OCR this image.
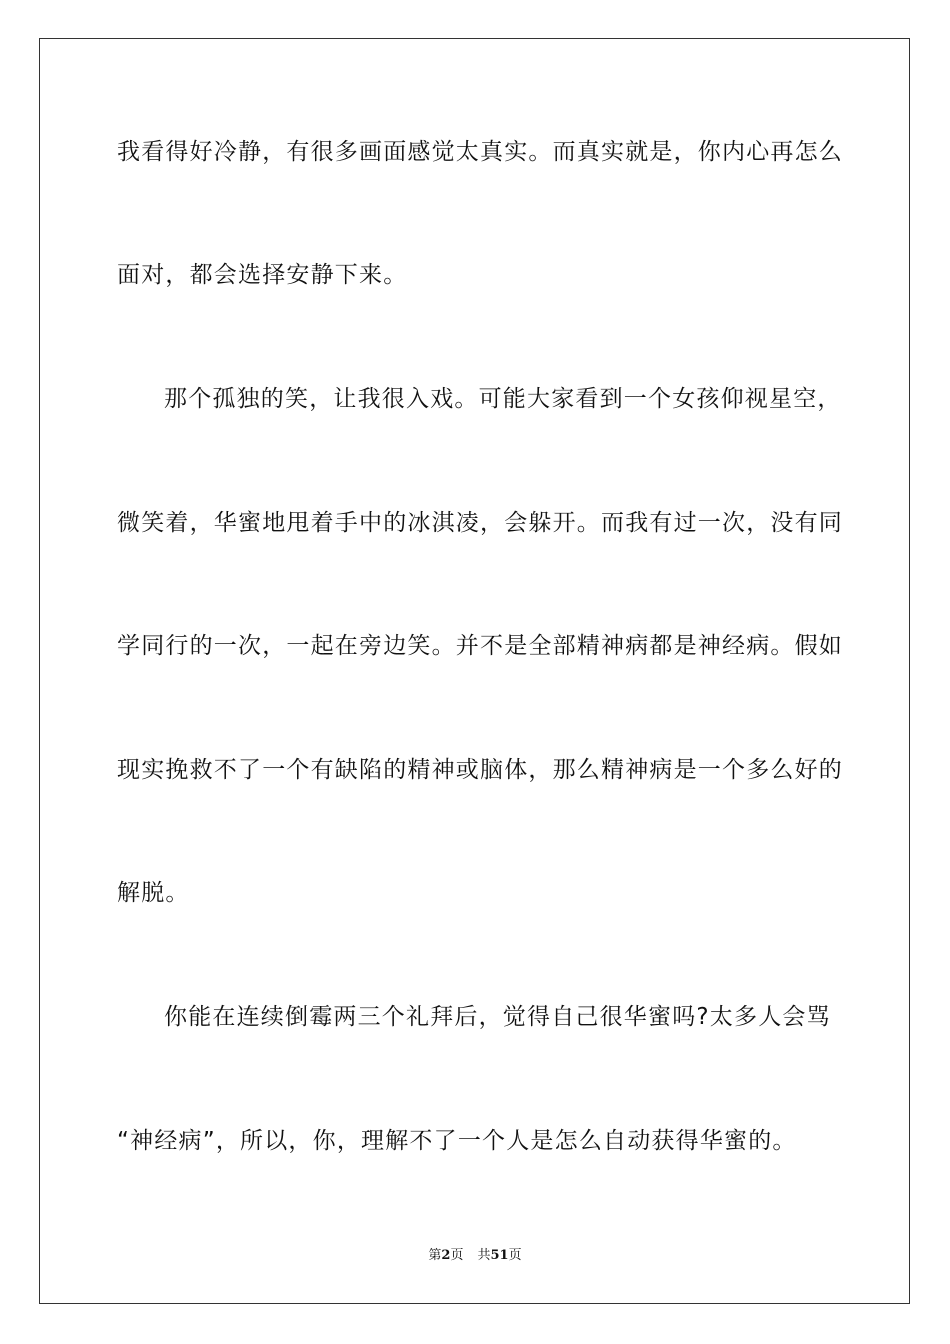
我看得好冷静，有很多画面感觉太真实。而真实就是，你内心再怎么
面对，都会选择安静下来。
那个孤独的笑，让我很入戏。可能大家看到一个女孩仰视星空，
微笑着，华蜜地甩着手中的冰淇凌，会躲开。而我有过一次，没有同
学同行的一次，一起在旁边笑。并不是全部精神病都是神经病。假如
现实挽救不了一个有缺陷的精神或脑体，那么精神病是一个多么好的
解脱。
你能在连续倒霉两三个礼拜后，觉得自己很华蜜吗?太多人会骂
“神经病”，所以，你，理解不了一个人是怎么自动获得华蜜的。
第2页 共51页
